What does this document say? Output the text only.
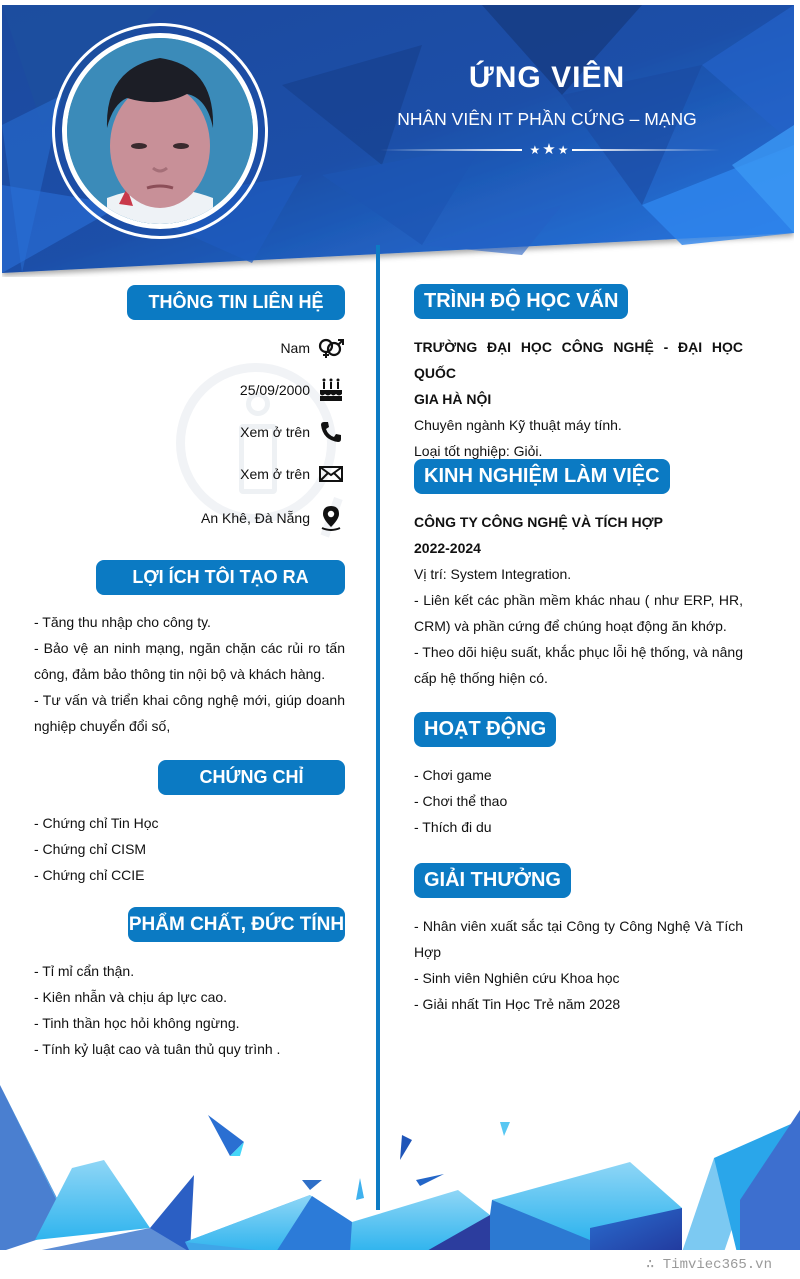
ỨNG VIÊN
NHÂN VIÊN IT PHẦN CỨNG – MẠNG
★★★
THÔNG TIN LIÊN HỆ
Nam
25/09/2000
Xem ở trên
Xem ở trên
An Khê, Đà Nẵng
LỢI ÍCH TÔI TẠO RA

- Tăng thu nhập cho công ty.

- Bảo vệ an ninh mạng, ngăn chặn các rủi ro tấn

công, đảm bảo thông tin nội bộ và khách hàng.

- Tư vấn và triển khai công nghệ mới, giúp doanh

nghiệp chuyển đổi số,

CHỨNG CHỈ

- Chứng chỉ Tin Học

- Chứng chỉ CISM

- Chứng chỉ CCIE

PHẨM CHẤT, ĐỨC TÍNH

- Tỉ mỉ cẩn thận.

- Kiên nhẫn và chịu áp lực cao.

- Tinh thần học hỏi không ngừng.

- Tính kỷ luật cao và tuân thủ quy trình .

TRÌNH ĐỘ HỌC VẤN

TRƯỜNG ĐẠI HỌC CÔNG NGHỆ - ĐẠI HỌC QUỐC

GIA HÀ NỘI

Chuyên ngành Kỹ thuật máy tính.

Loại tốt nghiệp: Giỏi.

KINH NGHIỆM LÀM VIỆC

CÔNG TY CÔNG NGHỆ VÀ TÍCH HỢP

2022-2024

Vị trí: System Integration.

- Liên kết các phần mềm khác nhau ( như ERP, HR,

CRM) và phần cứng để chúng hoạt động ăn khớp.

- Theo dõi hiệu suất, khắc phục lỗi hệ thống, và nâng

cấp hệ thống hiện có.

HOẠT ĐỘNG

- Chơi game

- Chơi thể thao

- Thích đi du

GIẢI THƯỞNG

- Nhân viên xuất sắc tại Công ty Công Nghệ Và Tích

Hợp

- Sinh viên Nghiên cứu Khoa học

- Giải nhất Tin Học Trẻ năm 2028

∴ Timviec365.vn
